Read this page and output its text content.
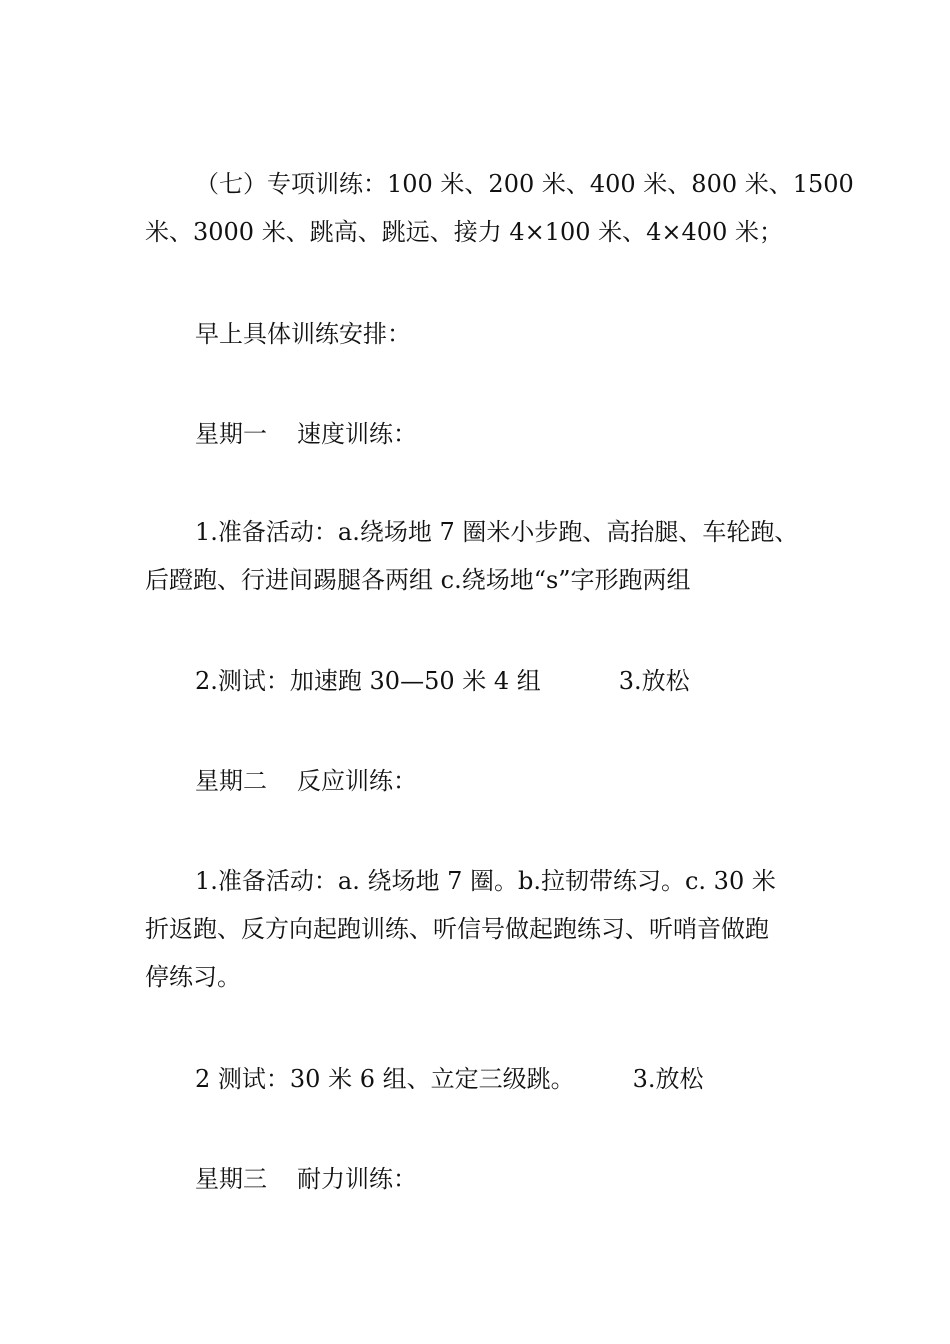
（七）专项训练：100 米、200 米、400 米、800 米、1500
米、3000 米、跳高、跳远、接力 4×100 米、4×400 米；
早上具体训练安排：
星期一 速度训练：
1.准备活动：a.绕场地 7 圈米小步跑、高抬腿、车轮跑、
后蹬跑、行进间踢腿各两组 c.绕场地“s”字形跑两组
2.测试：加速跑 30—50 米 4 组	3.放松
星期二 反应训练：
1.准备活动：a. 绕场地 7 圈。b.拉韧带练习。c. 30 米
折返跑、反方向起跑训练、听信号做起跑练习、听哨音做跑
停练习。
2 测试：30 米 6 组、立定三级跳。 3.放松
星期三 耐力训练：
